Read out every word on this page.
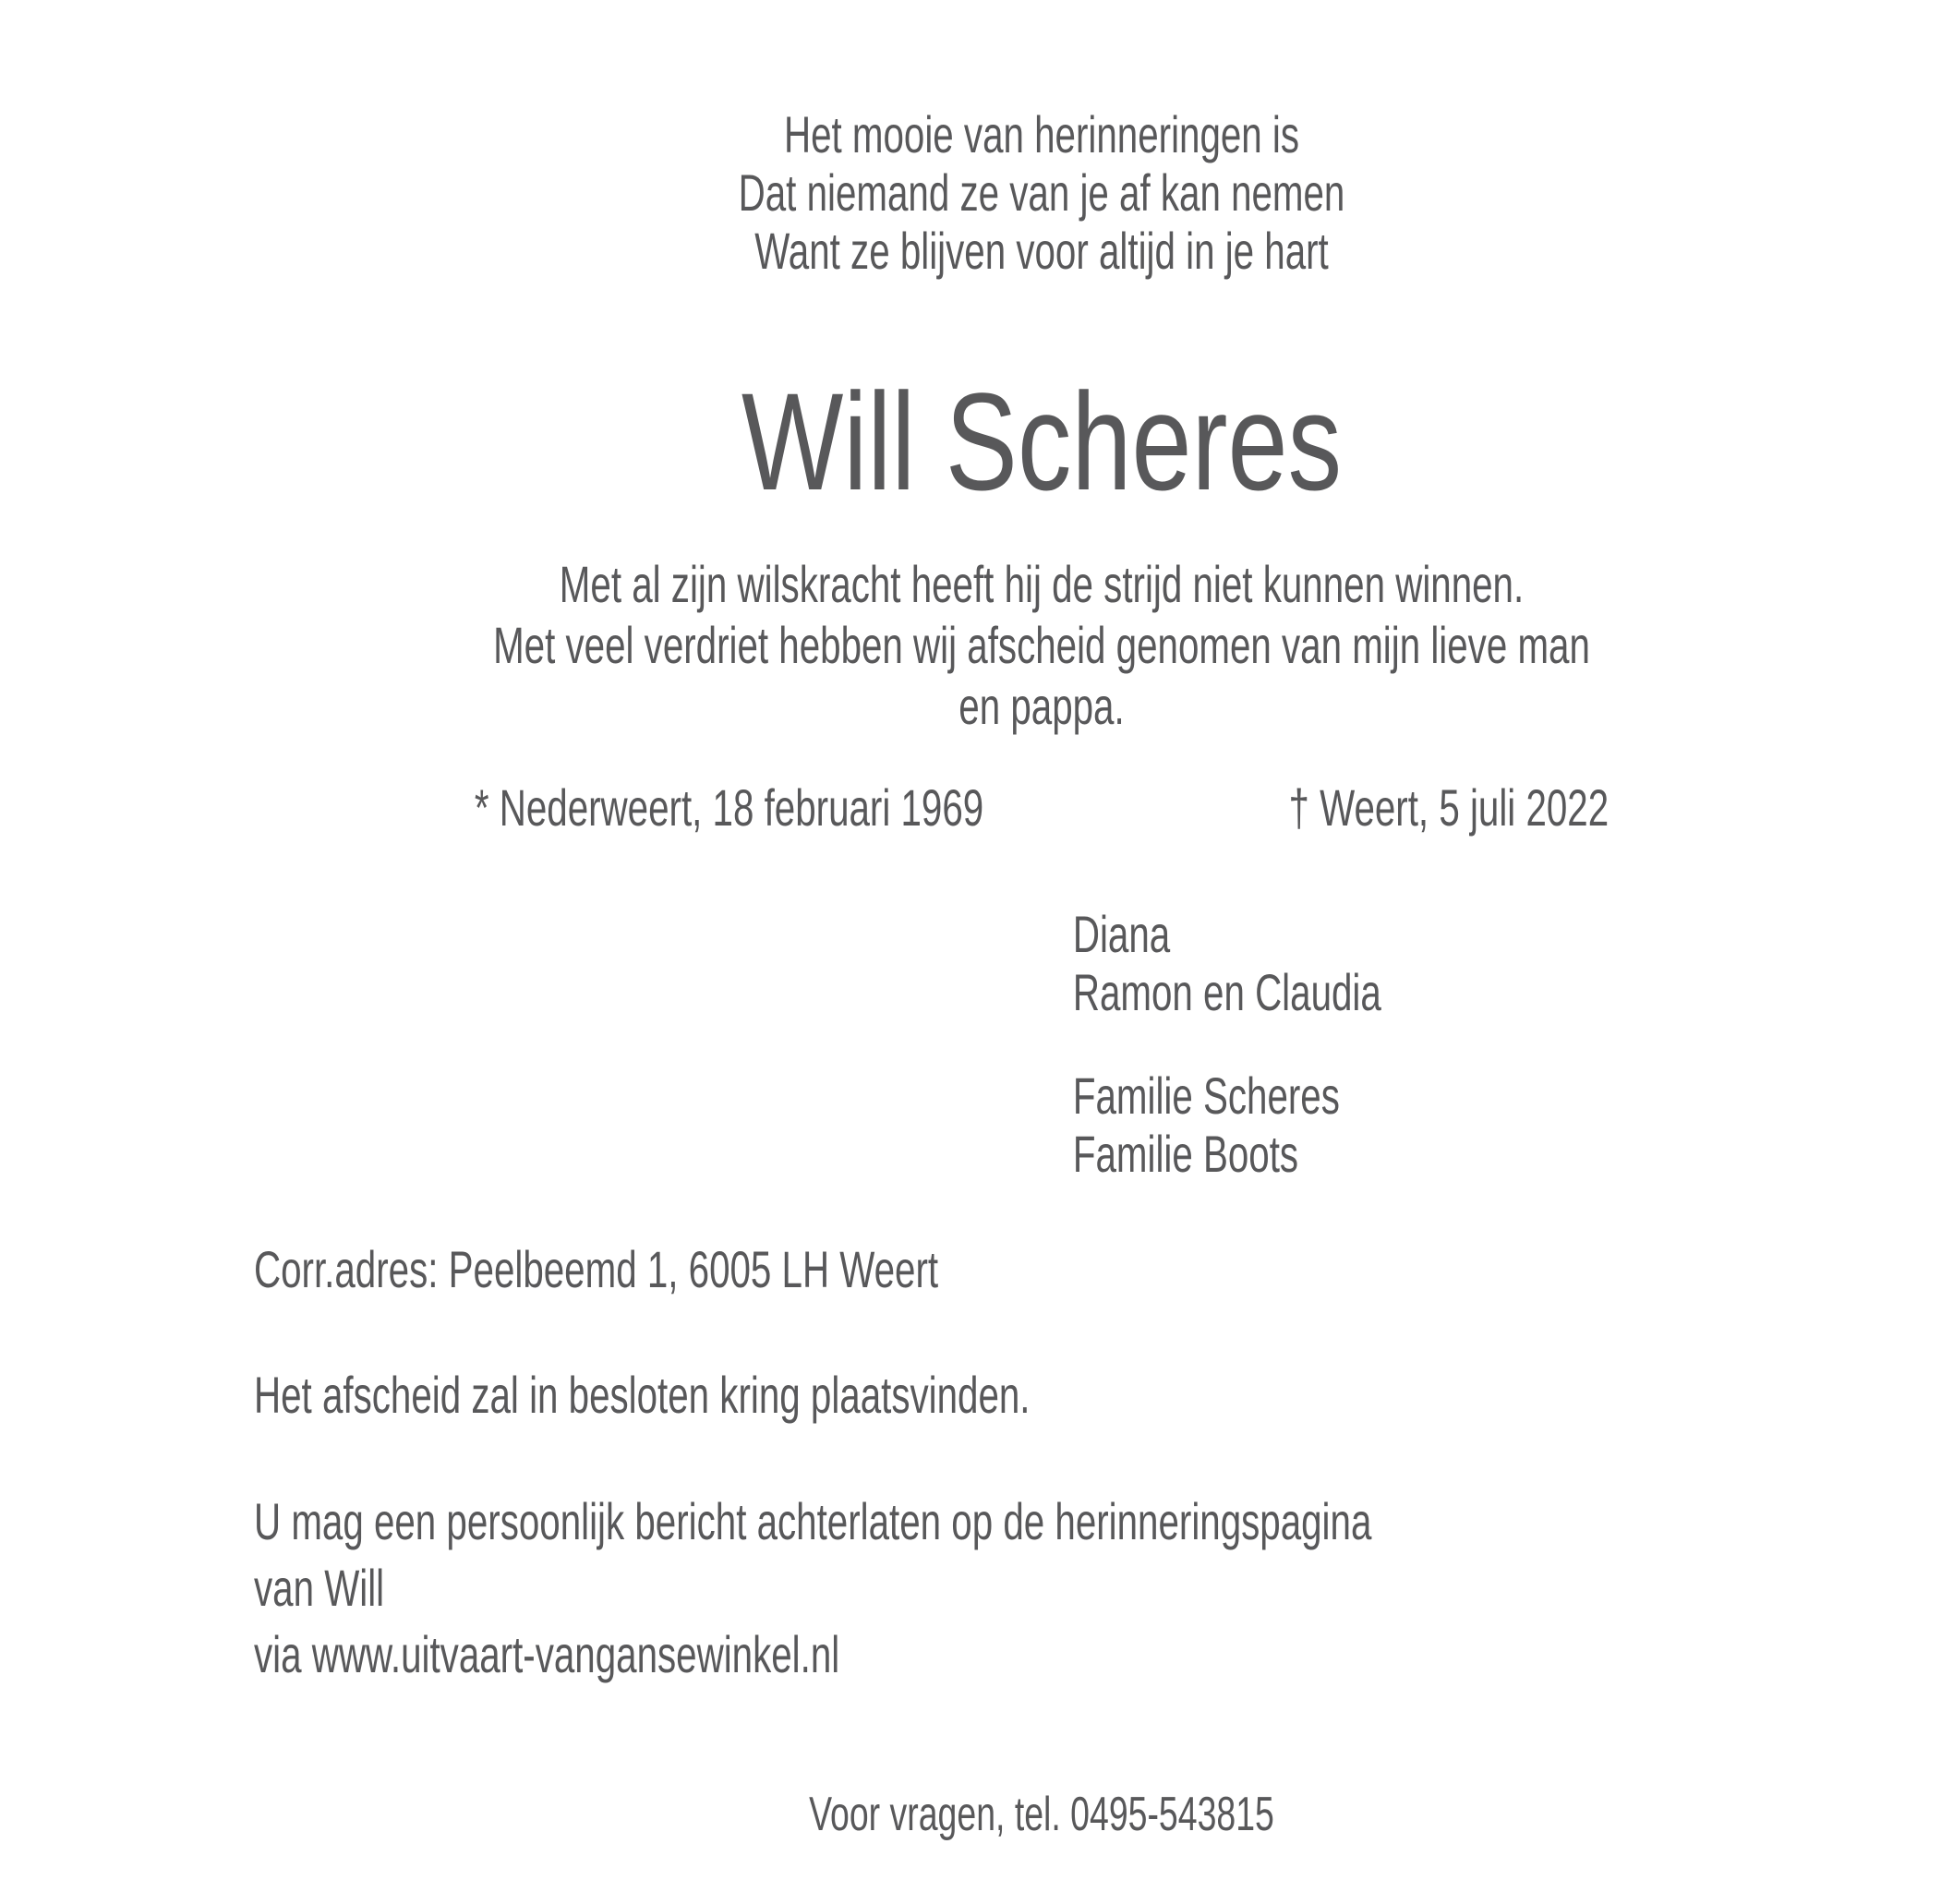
Het mooie van herinneringen is
Dat niemand ze van je af kan nemen
Want ze blijven voor altijd in je hart
Will Scheres
Met al zijn wilskracht heeft hij de strijd niet kunnen winnen.
Met veel verdriet hebben wij afscheid genomen van mijn lieve man en pappa.
* Nederweert, 18 februari 1969	† Weert, 5 juli 2022
Diana
Ramon en Claudia
Familie Scheres
Familie Boots
Corr.adres: Peelbeemd 1, 6005 LH Weert
Het afscheid zal in besloten kring plaatsvinden.
U mag een persoonlijk bericht achterlaten op de herinneringspagina van Will
via www.uitvaart-vangansewinkel.nl
Voor vragen, tel. 0495-543815
